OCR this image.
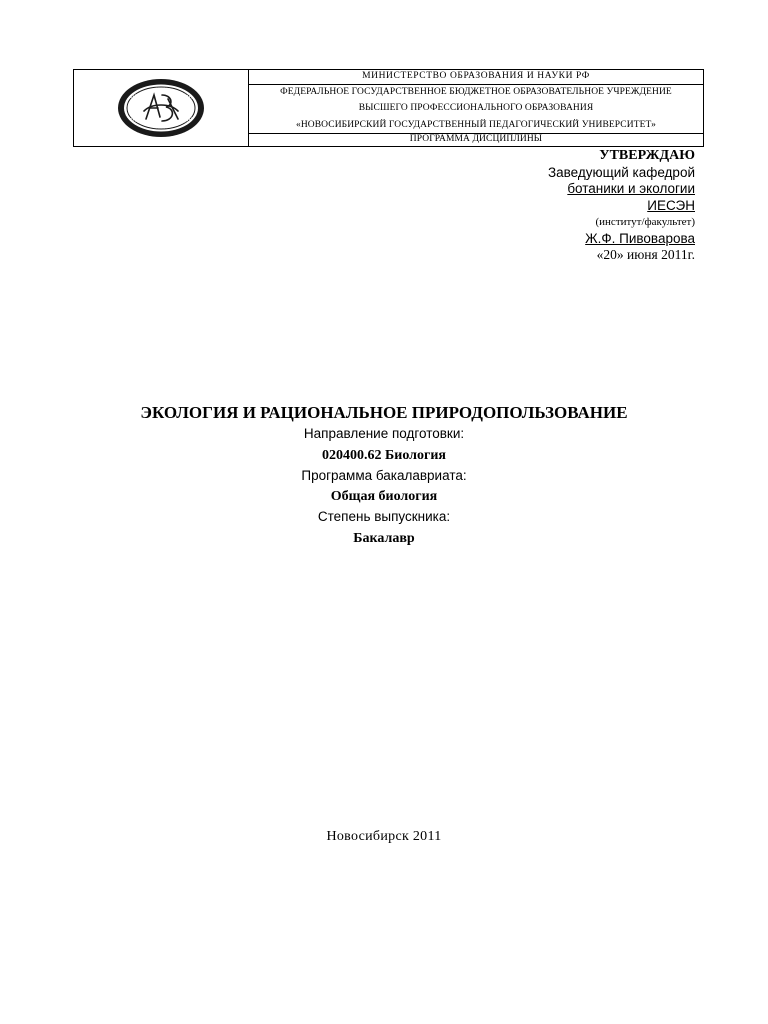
МИНИСТЕРСТВО ОБРАЗОВАНИЯ И НАУКИ РФ
ФЕДЕРАЛЬНОЕ ГОСУДАРСТВЕННОЕ БЮДЖЕТНОЕ ОБРАЗОВАТЕЛЬНОЕ УЧРЕЖДЕНИЕ
ВЫСШЕГО ПРОФЕССИОНАЛЬНОГО ОБРАЗОВАНИЯ
«НОВОСИБИРСКИЙ ГОСУДАРСТВЕННЫЙ ПЕДАГОГИЧЕСКИЙ УНИВЕРСИТЕТ»
ПРОГРАММА ДИСЦИПЛИНЫ
УТВЕРЖДАЮ
Заведующий кафедрой
ботаники и экологии
ИЕСЭН
(институт/факультет)
Ж.Ф. Пивоварова
«20» июня 2011г.
ЭКОЛОГИЯ И РАЦИОНАЛЬНОЕ ПРИРОДОПОЛЬЗОВАНИЕ
Направление подготовки:
020400.62 Биология
Программа бакалавриата:
Общая биология
Степень выпускника:
Бакалавр
Новосибирск 2011
